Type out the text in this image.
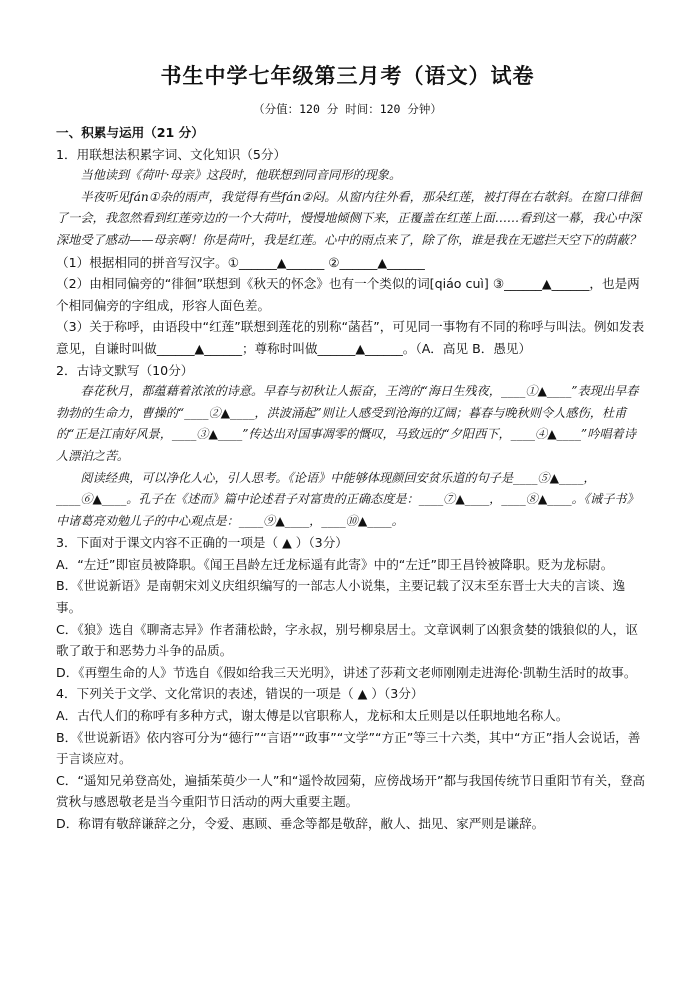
书生中学七年级第三月考（语文）试卷
（分值：120 分 时间：120 分钟）

一、积累与运用（21 分）

1．用联想法积累字词、文化知识（5分）

当他读到《荷叶·母亲》这段时，他联想到同音同形的现象。

半夜听见fán①杂的雨声，我觉得有些fán②闷。从窗内往外看，那朵红莲，被打得在右欹斜。在窗口徘徊了一会，我忽然看到红莲旁边的一个大荷叶，慢慢地倾侧下来，正覆盖在红莲上面……看到这一幕，我心中深深地受了感动——母亲啊！你是荷叶，我是红莲。心中的雨点来了，除了你，谁是我在无遮拦天空下的荫蔽？

（1）根据相同的拼音写汉字。①______▲______ ②______▲______

（2）由相同偏旁的“徘徊”联想到《秋天的怀念》也有一个类似的词[qiáo cuì] ③______▲______，也是两个相同偏旁的字组成，形容人面色差。

（3）关于称呼，由语段中“红莲”联想到莲花的别称“菡萏”，可见同一事物有不同的称呼与叫法。例如发表意见，自谦时叫做______▲______；尊称时叫做______▲______。（A．高见 B．愚见）

2．古诗文默写（10分）

春花秋月，都蕴藉着浓浓的诗意。早春与初秋让人振奋，王湾的“海日生残夜，____①▲____”表现出早春勃勃的生命力，曹操的“____②▲____，洪波涌起”则让人感受到沧海的辽阔；暮春与晚秋则令人感伤，杜甫的“正是江南好风景，____③▲____”传达出对国事凋零的慨叹，马致远的“夕阳西下，____④▲____”吟唱着诗人漂泊之苦。

阅读经典，可以净化人心，引人思考。《论语》中能够体现颜回安贫乐道的句子是____⑤▲____，____⑥▲____。孔子在《述而》篇中论述君子对富贵的正确态度是：____⑦▲____，____⑧▲____。《诫子书》中诸葛亮劝勉儿子的中心观点是：____⑨▲____，____⑩▲____。

3．下面对于课文内容不正确的一项是（ ▲ ）（3分）

A．“左迁”即宦员被降职。《闻王昌龄左迁龙标遥有此寄》中的“左迁”即王昌铃被降职。贬为龙标尉。

B．《世说新语》是南朝宋刘义庆组织编写的一部志人小说集，主要记载了汉末至东晋士大夫的言谈、逸事。

C．《狼》选自《聊斋志异》作者蒲松龄，字永叔，别号柳泉居士。文章讽刺了凶狠贪婪的饿狼似的人，讴歌了敢于和恶势力斗争的品质。

D．《再塑生命的人》节选自《假如给我三天光明》，讲述了莎莉文老师刚刚走进海伦·凯勒生活时的故事。

4．下列关于文学、文化常识的表述，错误的一项是（ ▲ ）（3分）

A．古代人们的称呼有多种方式，谢太傅是以官职称人，龙标和太丘则是以任职地地名称人。

B．《世说新语》依内容可分为“德行”“言语”“政事”“文学”“方正”等三十六类，其中“方正”指人会说话，善于言谈应对。

C．“遥知兄弟登高处，遍插茱萸少一人”和“遥怜故园菊，应傍战场开”都与我国传统节日重阳节有关，登高赏秋与感恩敬老是当今重阳节日活动的两大重要主题。

D．称谓有敬辞谦辞之分，令爱、惠顾、垂念等都是敬辞，敝人、拙见、家严则是谦辞。
